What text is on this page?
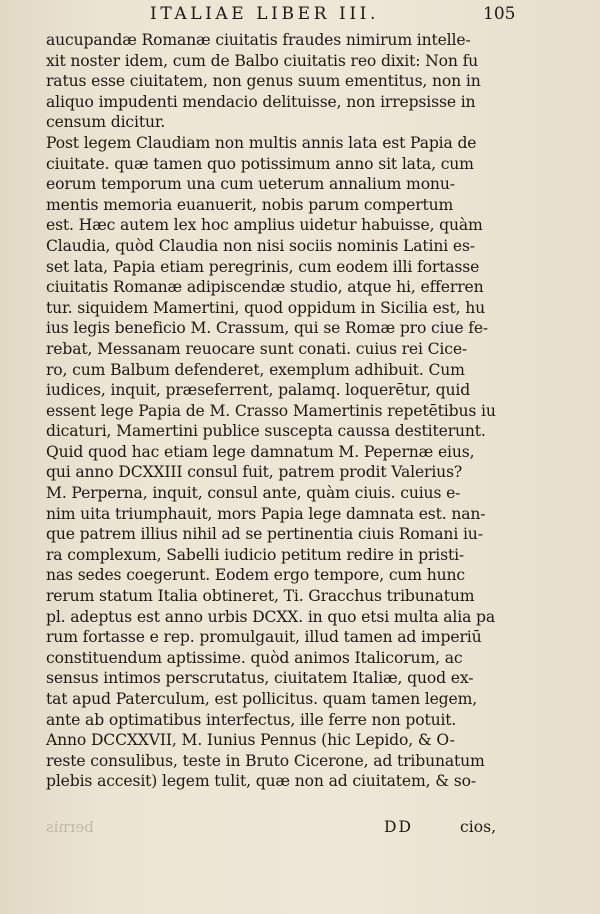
ITALIAE LIBER III.	105
aucupandæ Romanæ ciuitatis fraudes nimirum intelle-
xit noster idem, cum de Balbo ciuitatis reo dixit: Non fu
ratus esse ciuitatem, non genus suum ementitus, non in
aliquo impudenti mendacio delituisse, non irrepsisse in
censum dicitur.
Post legem Claudiam non multis annis lata est Papia de
ciuitate. quæ tamen quo potissimum anno sit lata, cum
eorum temporum una cum ueterum annalium monu-
mentis memoria euanuerit, nobis parum compertum
est. Hæc autem lex hoc amplius uidetur habuisse, quàm
Claudia, quòd Claudia non nisi sociis nominis Latini es-
set lata, Papia etiam peregrinis, cum eodem illi fortasse
ciuitatis Romanæ adipiscendæ studio, atque hi, efferren
tur. siquidem Mamertini, quod oppidum in Sicilia est, hu
ius legis beneficio M. Crassum, qui se Romæ pro ciue fe-
rebat, Messanam reuocare sunt conati. cuius rei Cice-
ro, cum Balbum defenderet, exemplum adhibuit. Cum
iudices, inquit, præseferrent, palamq. loquerētur, quid
essent lege Papia de M. Crasso Mamertinis repetētibus iu
dicaturi, Mamertini publice suscepta caussa destiterunt.
Quid quod hac etiam lege damnatum M. Pepernæ eius,
qui anno DCXXIII consul fuit, patrem prodit Valerius?
M. Perperna, inquit, consul ante, quàm ciuis. cuius e-
nim uita triumphauit, mors Papia lege damnata est. nan-
que patrem illius nihil ad se pertinentia ciuis Romani iu-
ra complexum, Sabelli iudicio petitum redire in pristi-
nas sedes coegerunt. Eodem ergo tempore, cum hunc
rerum statum Italia obtineret, Ti. Gracchus tribunatum
pl. adeptus est anno urbis DCXX. in quo etsi multa alia pa
rum fortasse e rep. promulgauit, illud tamen ad imperiū
constituendum aptissime. quòd animos Italicorum, ac
sensus intimos perscrutatus, ciuitatem Italiæ, quod ex-
tat apud Paterculum, est pollicitus. quam tamen legem,
ante ab optimatibus interfectus, ille ferre non potuit.
Anno DCCXXVII, M. Iunius Pennus (hic Lepido, & O-
reste consulibus, teste in Bruto Cicerone, ad tribunatum
plebis accesit) legem tulit, quæ non ad ciuitatem, & so-
bernis	DD	cios,
